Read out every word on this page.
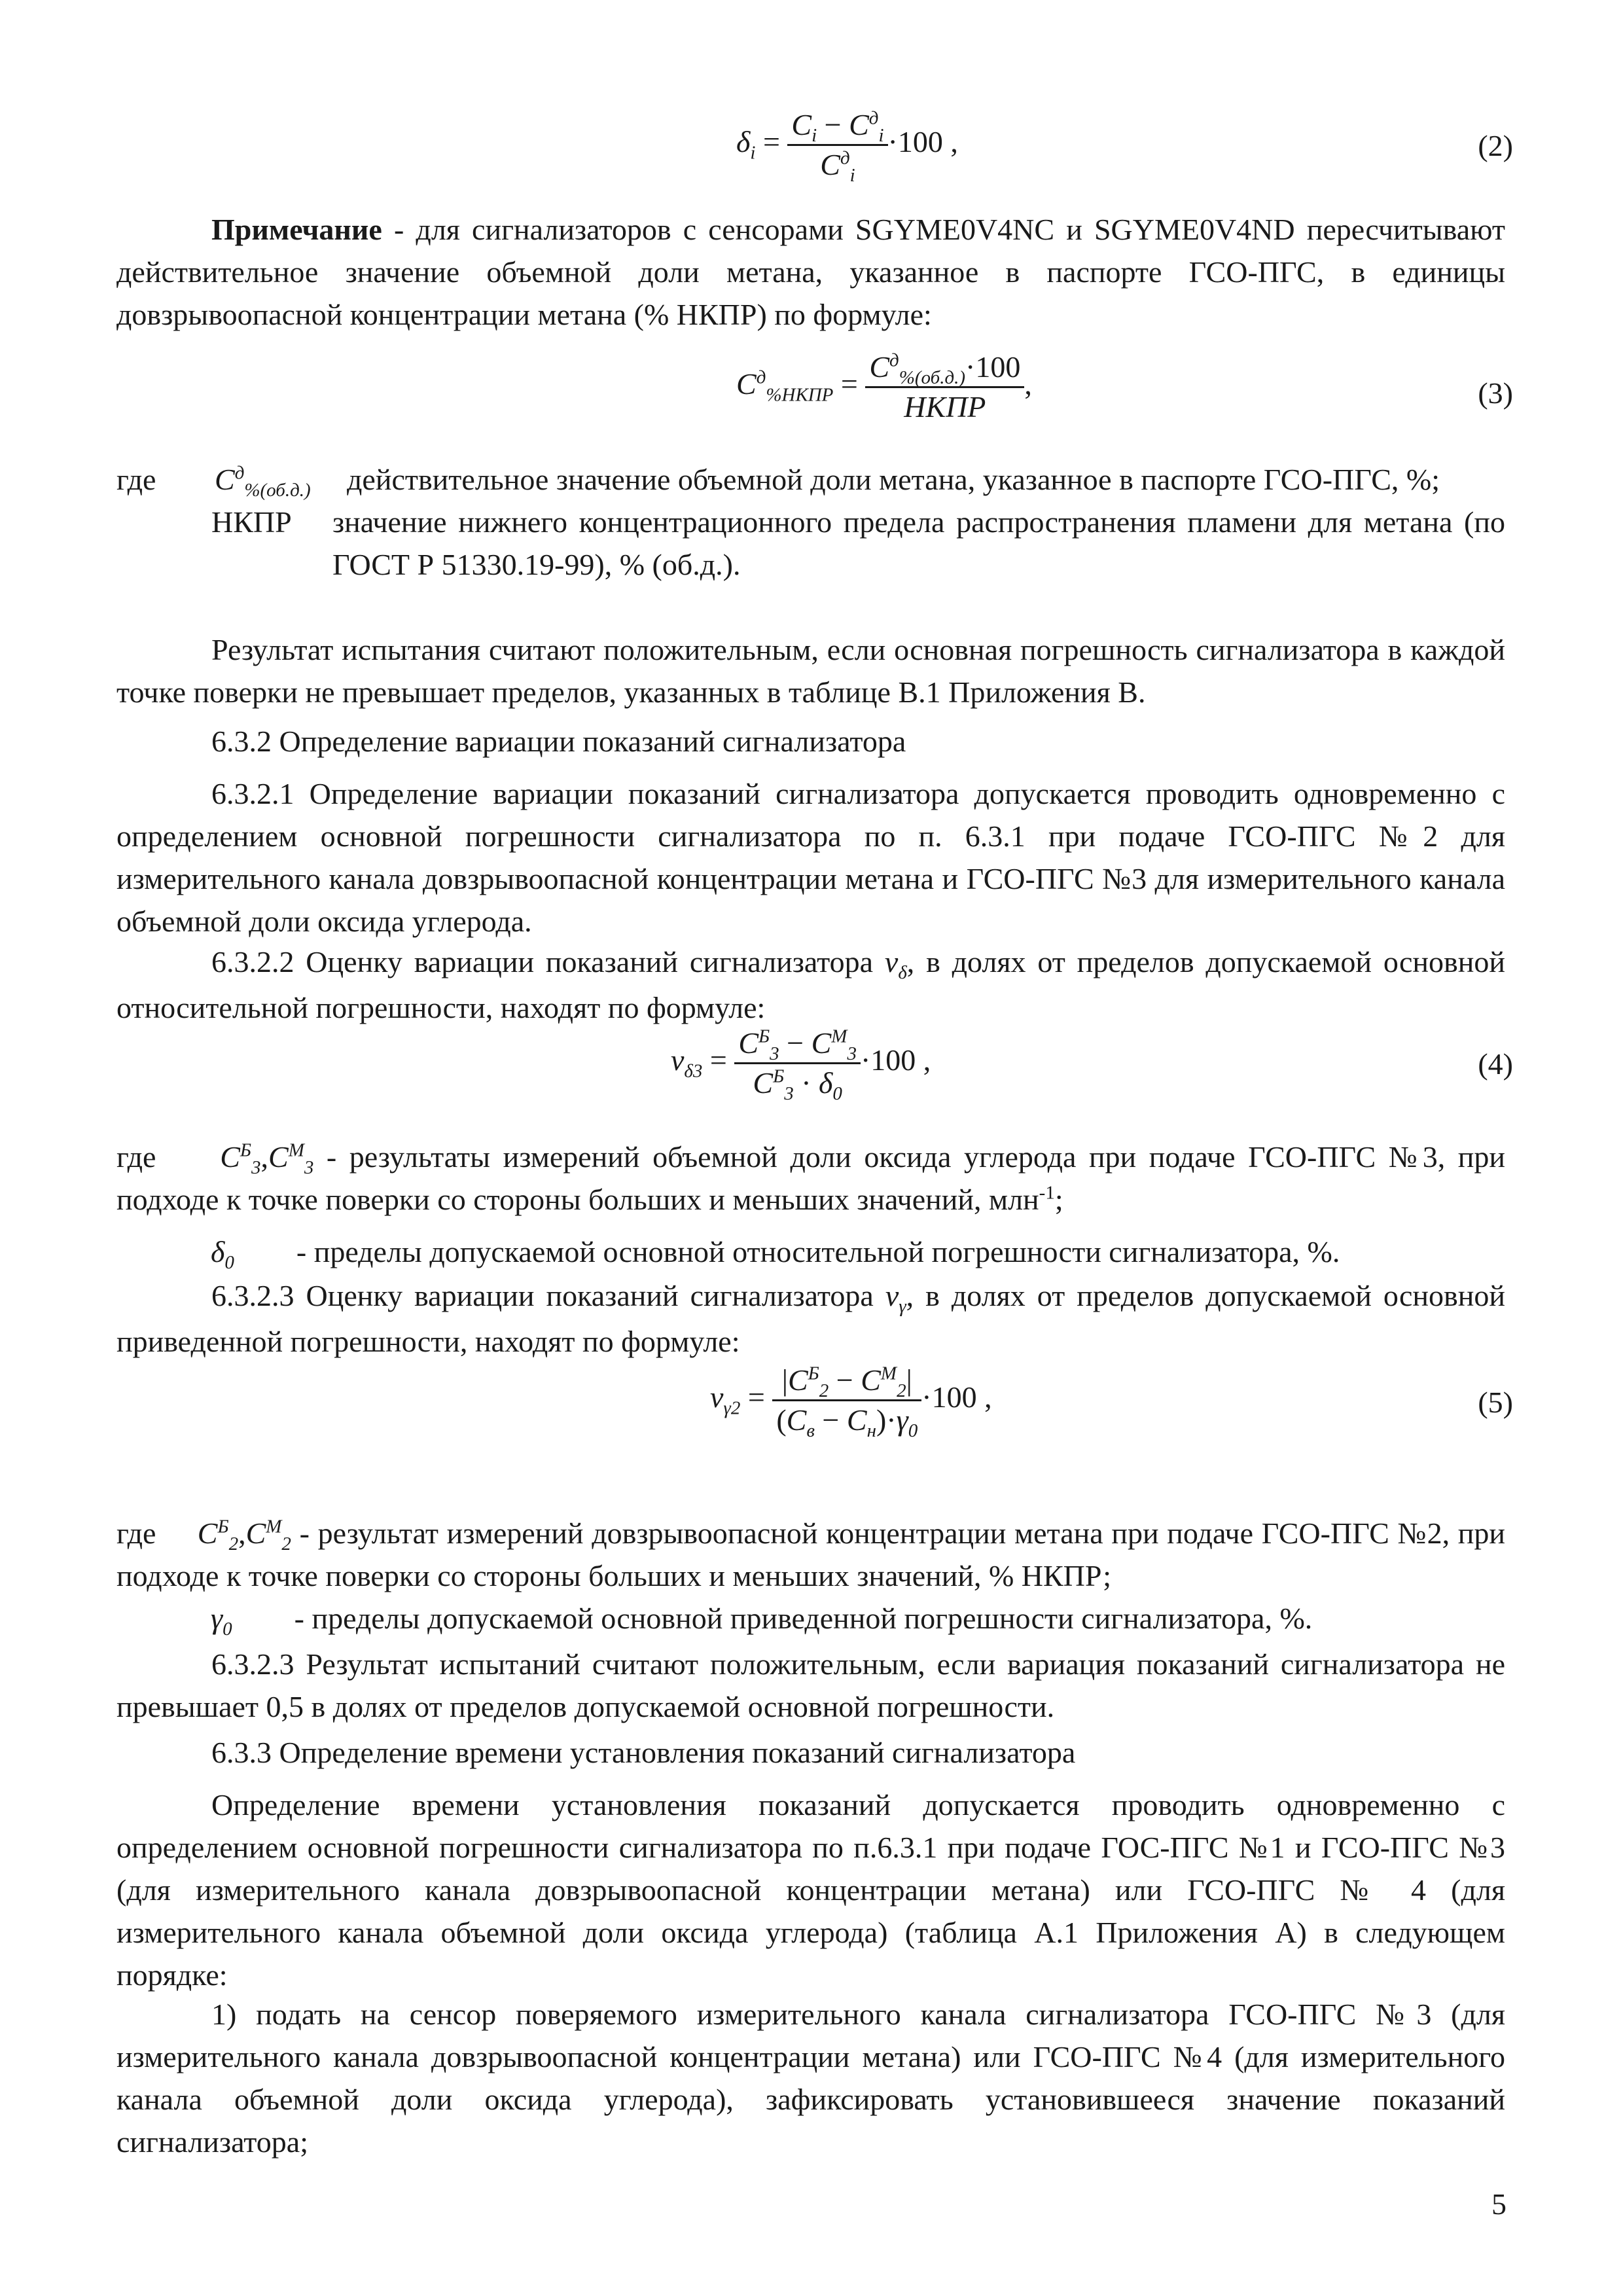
$\delta_i = \frac{C_i - C^д_i}{C^д_i} \cdot 100$ ,	(2)

Примечание - для сигнализаторов с сенсорами SGYME0V4NC и SGYME0V4ND пересчитывают действительное значение объемной доли метана, указанное в паспорте ГСО-ПГС, в единицы довзрывоопасной концентрации метана (% НКПР) по формуле:

$C^д_{\%НКПР} = \frac{C^д_{\%(об.д.)}\cdot 100}{\text{НКПР}}$ ,	(3)
где $C^д_{\%(об.д.)}$ действительное значение объемной доли метана, указанное в паспорте ГСО-ПГС, %;

НКПР значение нижнего концентрационного предела распространения пламени для метана (по ГОСТ Р 51330.19-99), % (об.д.).

Результат испытания считают положительным, если основная погрешность сигнализатора в каждой точке поверки не превышает пределов, указанных в таблице В.1 Приложения В.

6.3.2 Определение вариации показаний сигнализатора

6.3.2.1 Определение вариации показаний сигнализатора допускается проводить одновременно с определением основной погрешности сигнализатора по п. 6.3.1 при подаче ГСО-ПГС №2 для измерительного канала довзрывоопасной концентрации метана и ГСО-ПГС №3 для измерительного канала объемной доли оксида углерода.

6.3.2.2 Оценку вариации показаний сигнализатора $\nu_\delta$, в долях от пределов допускаемой основной относительной погрешности, находят по формуле:

$\nu_{\delta 3} = \frac{C^Б_3 - C^М_3}{C^Б_3 \cdot \delta_0} \cdot 100$ ,	(4)

где $C^Б_3,C^М_3$ - результаты измерений объемной доли оксида углерода при подаче ГСО-ПГС №3, при подходе к точке поверки со стороны больших и меньших значений, млн$^{-1}$;

$\delta_0$ - пределы допускаемой основной относительной погрешности сигнализатора, %.

6.3.2.3 Оценку вариации показаний сигнализатора $\nu_\gamma$, в долях от пределов допускаемой основной приведенной погрешности, находят по формуле:

$\nu_{\gamma 2} = \frac{|C^Б_2 - C^М_2|}{(C_в - C_н)\cdot\gamma_0} \cdot 100$ ,	(5)

где $C^Б_2,C^М_2$ - результат измерений довзрывоопасной концентрации метана при подаче ГСО-ПГС №2, при подходе к точке поверки со стороны больших и меньших значений, % НКПР;

$\gamma_0$ - пределы допускаемой основной приведенной погрешности сигнализатора, %.

6.3.2.3 Результат испытаний считают положительным, если вариация показаний сигнализатора не превышает 0,5 в долях от пределов допускаемой основной погрешности.

6.3.3 Определение времени установления показаний сигнализатора

Определение времени установления показаний допускается проводить одновременно с определением основной погрешности сигнализатора по п.6.3.1 при подаче ГОС-ПГС №1 и ГСО-ПГС №3 (для измерительного канала довзрывоопасной концентрации метана) или ГСО-ПГС № 4 (для измерительного канала объемной доли оксида углерода) (таблица А.1 Приложения А) в следующем порядке:

1) подать на сенсор поверяемого измерительного канала сигнализатора ГСО-ПГС №3 (для измерительного канала довзрывоопасной концентрации метана) или ГСО-ПГС №4 (для измерительного канала объемной доли оксида углерода), зафиксировать установившееся значение показаний сигнализатора;

5
